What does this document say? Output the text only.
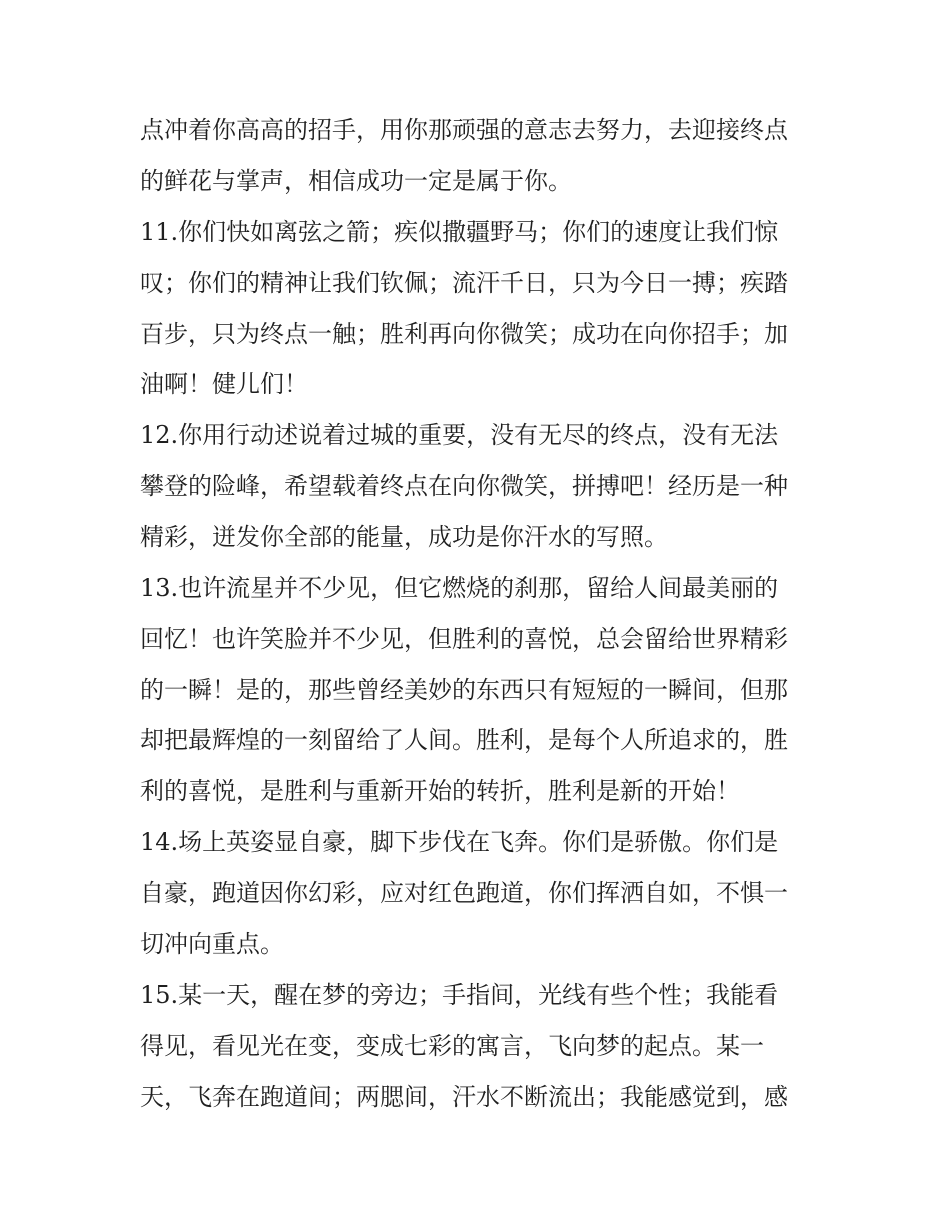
点冲着你高高的招手，用你那顽强的意志去努力，去迎接终点
的鲜花与掌声，相信成功一定是属于你。
11.你们快如离弦之箭；疾似撒疆野马；你们的速度让我们惊
叹；你们的精神让我们钦佩；流汗千日，只为今日一搏；疾踏
百步，只为终点一触；胜利再向你微笑；成功在向你招手；加
油啊！健儿们！
12.你用行动述说着过城的重要，没有无尽的终点，没有无法
攀登的险峰，希望载着终点在向你微笑，拼搏吧！经历是一种
精彩，迸发你全部的能量，成功是你汗水的写照。
13.也许流星并不少见，但它燃烧的刹那，留给人间最美丽的
回忆！也许笑脸并不少见，但胜利的喜悦，总会留给世界精彩
的一瞬！是的，那些曾经美妙的东西只有短短的一瞬间，但那
却把最辉煌的一刻留给了人间。胜利，是每个人所追求的，胜
利的喜悦，是胜利与重新开始的转折，胜利是新的开始！
14.场上英姿显自豪，脚下步伐在飞奔。你们是骄傲。你们是
自豪，跑道因你幻彩，应对红色跑道，你们挥洒自如，不惧一
切冲向重点。
15.某一天，醒在梦的旁边；手指间，光线有些个性；我能看
得见，看见光在变，变成七彩的寓言，飞向梦的起点。某一
天，飞奔在跑道间；两腮间，汗水不断流出；我能感觉到，感
